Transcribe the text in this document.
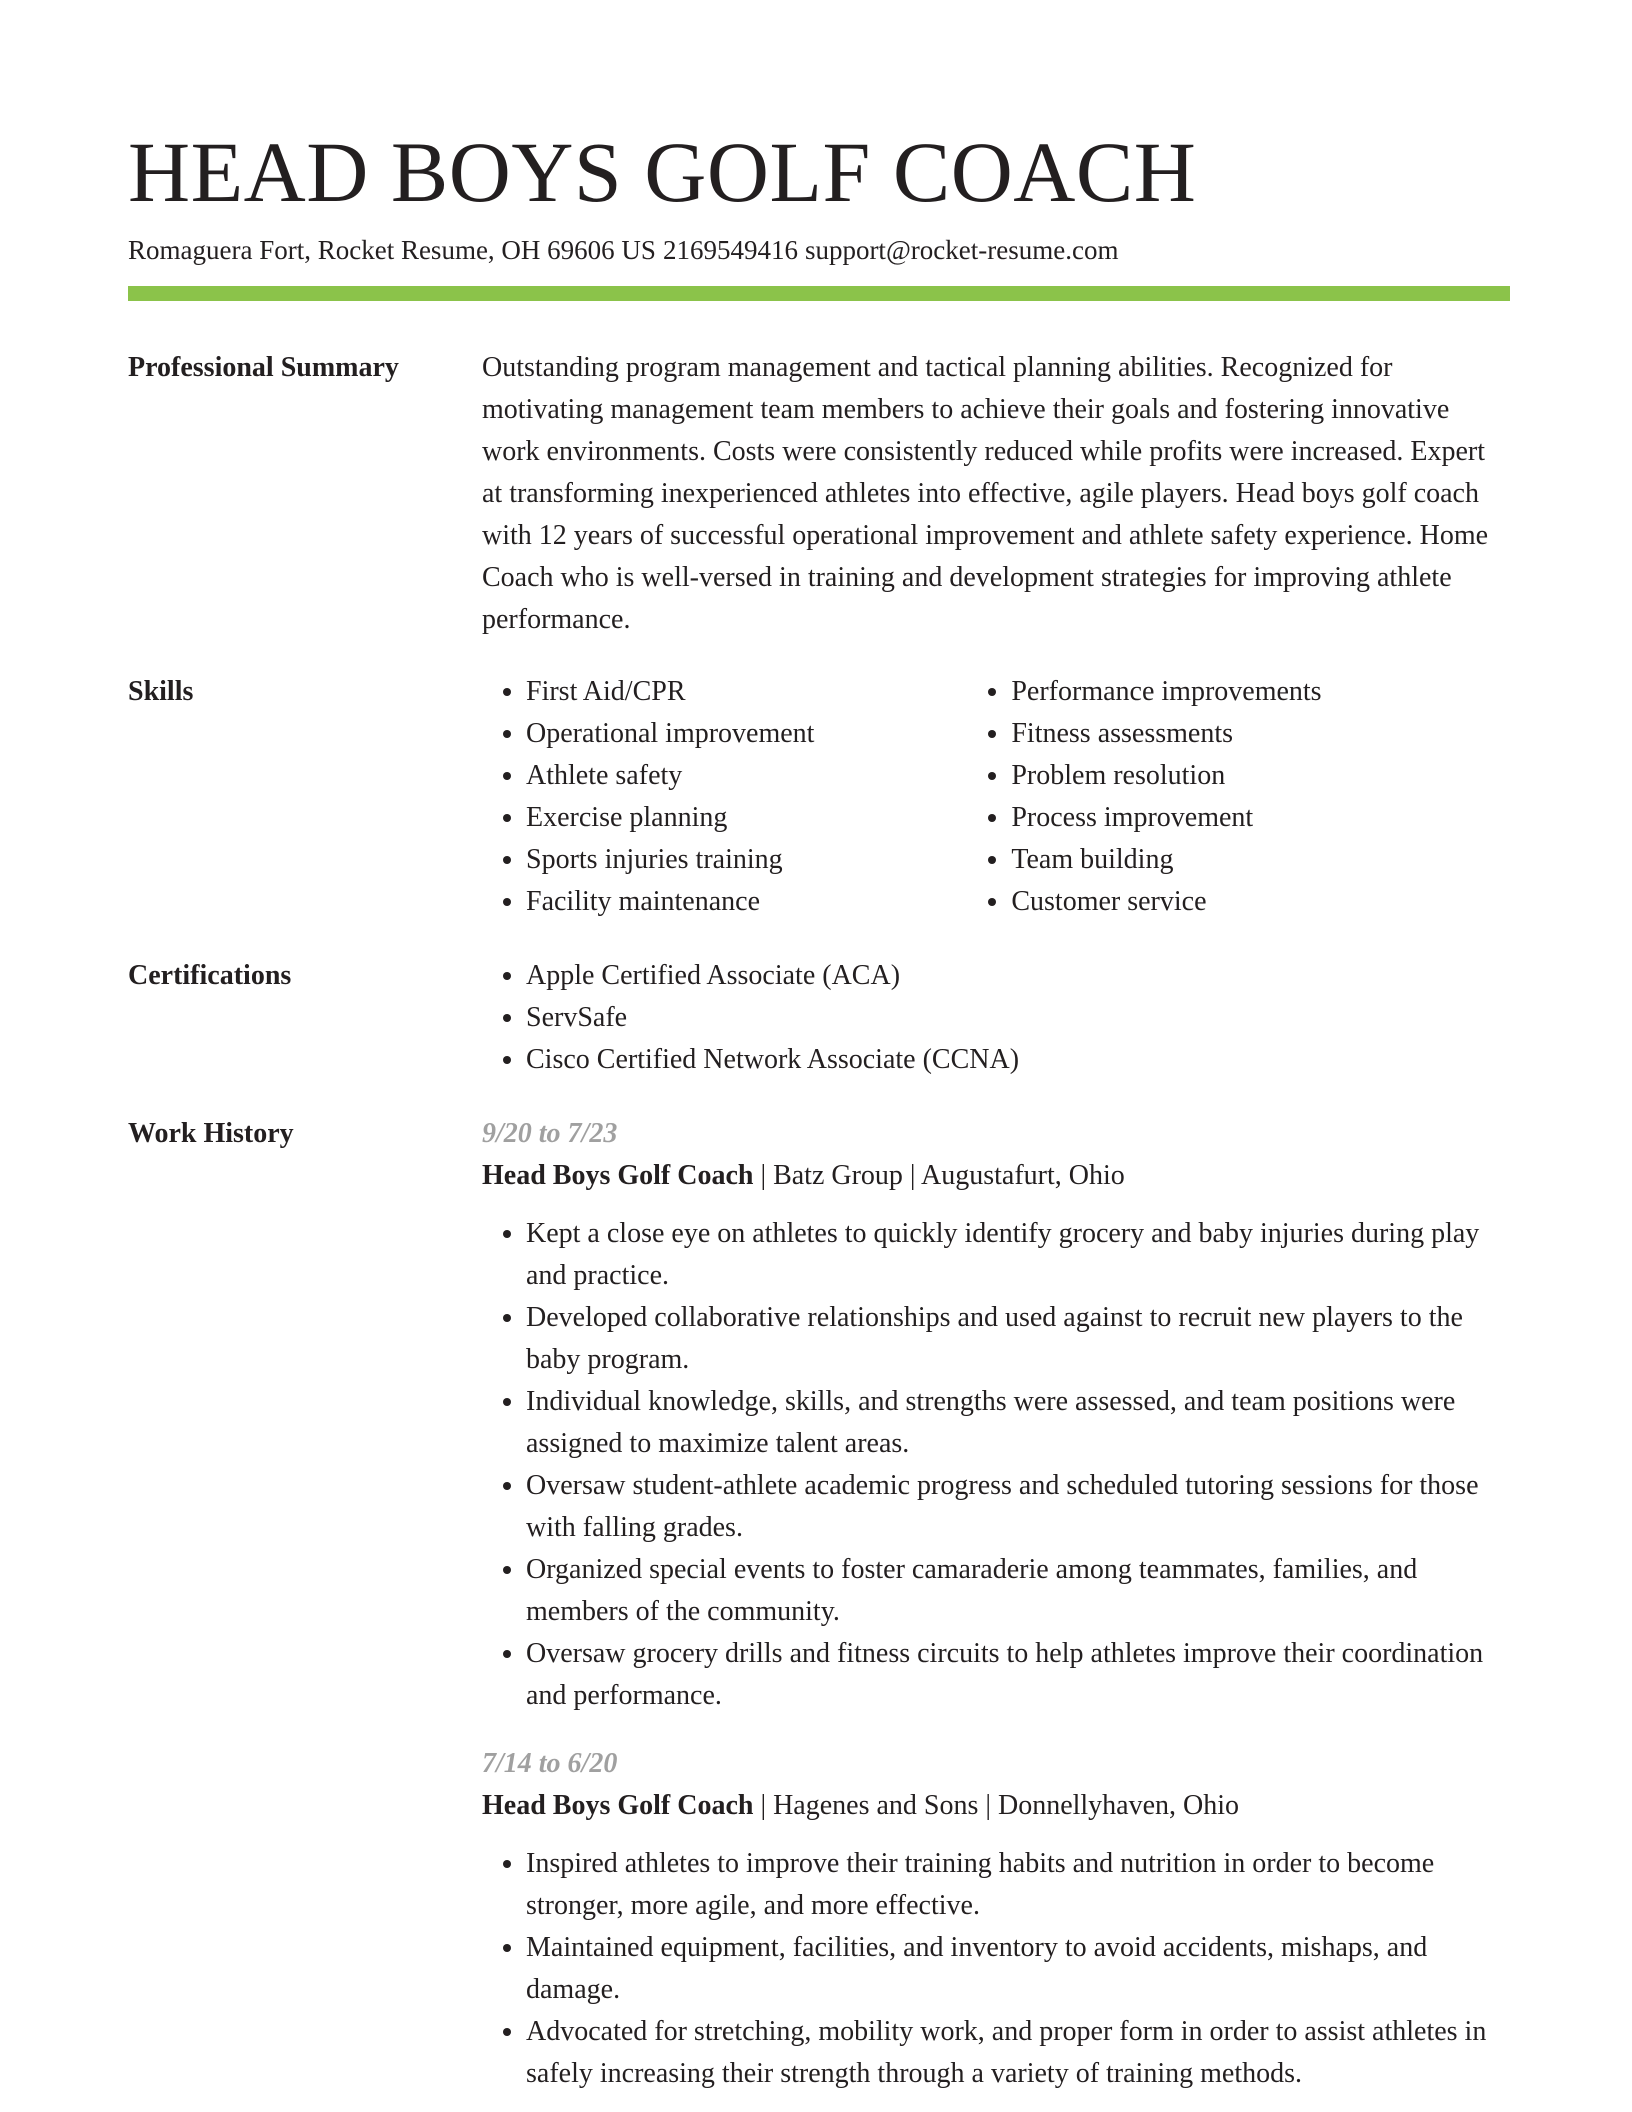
HEAD BOYS GOLF COACH
Romaguera Fort, Rocket Resume, OH 69606 US 2169549416 support@rocket-resume.com
Professional Summary	Outstanding program management and tactical planning abilities. Recognized for motivating management team members to achieve their goals and fostering innovative work environments. Costs were consistently reduced while profits were increased. Expert at transforming inexperienced athletes into effective, agile players. Head boys golf coach with 12 years of successful operational improvement and athlete safety experience. Home Coach who is well-versed in training and development strategies for improving athlete performance.

Skills	• First Aid/CPR
• Operational improvement
• Athlete safety
• Exercise planning
• Sports injuries training
• Facility maintenance
• Performance improvements
• Fitness assessments
• Problem resolution
• Process improvement
• Team building
• Customer service
Certifications	• Apple Certified Associate (ACA)
• ServSafe
• Cisco Certified Network Associate (CCNA)
Work History	9/20 to 7/23
Head Boys Golf Coach | Batz Group | Augustafurt, Ohio
• Kept a close eye on athletes to quickly identify grocery and baby injuries during play and practice.
• Developed collaborative relationships and used against to recruit new players to the baby program.
• Individual knowledge, skills, and strengths were assessed, and team positions were assigned to maximize talent areas.
• Oversaw student-athlete academic progress and scheduled tutoring sessions for those with falling grades.
• Organized special events to foster camaraderie among teammates, families, and members of the community.
• Oversaw grocery drills and fitness circuits to help athletes improve their coordination and performance.
7/14 to 6/20
Head Boys Golf Coach | Hagenes and Sons | Donnellyhaven, Ohio
• Inspired athletes to improve their training habits and nutrition in order to become stronger, more agile, and more effective.
• Maintained equipment, facilities, and inventory to avoid accidents, mishaps, and damage.
• Advocated for stretching, mobility work, and proper form in order to assist athletes in safely increasing their strength through a variety of training methods.
